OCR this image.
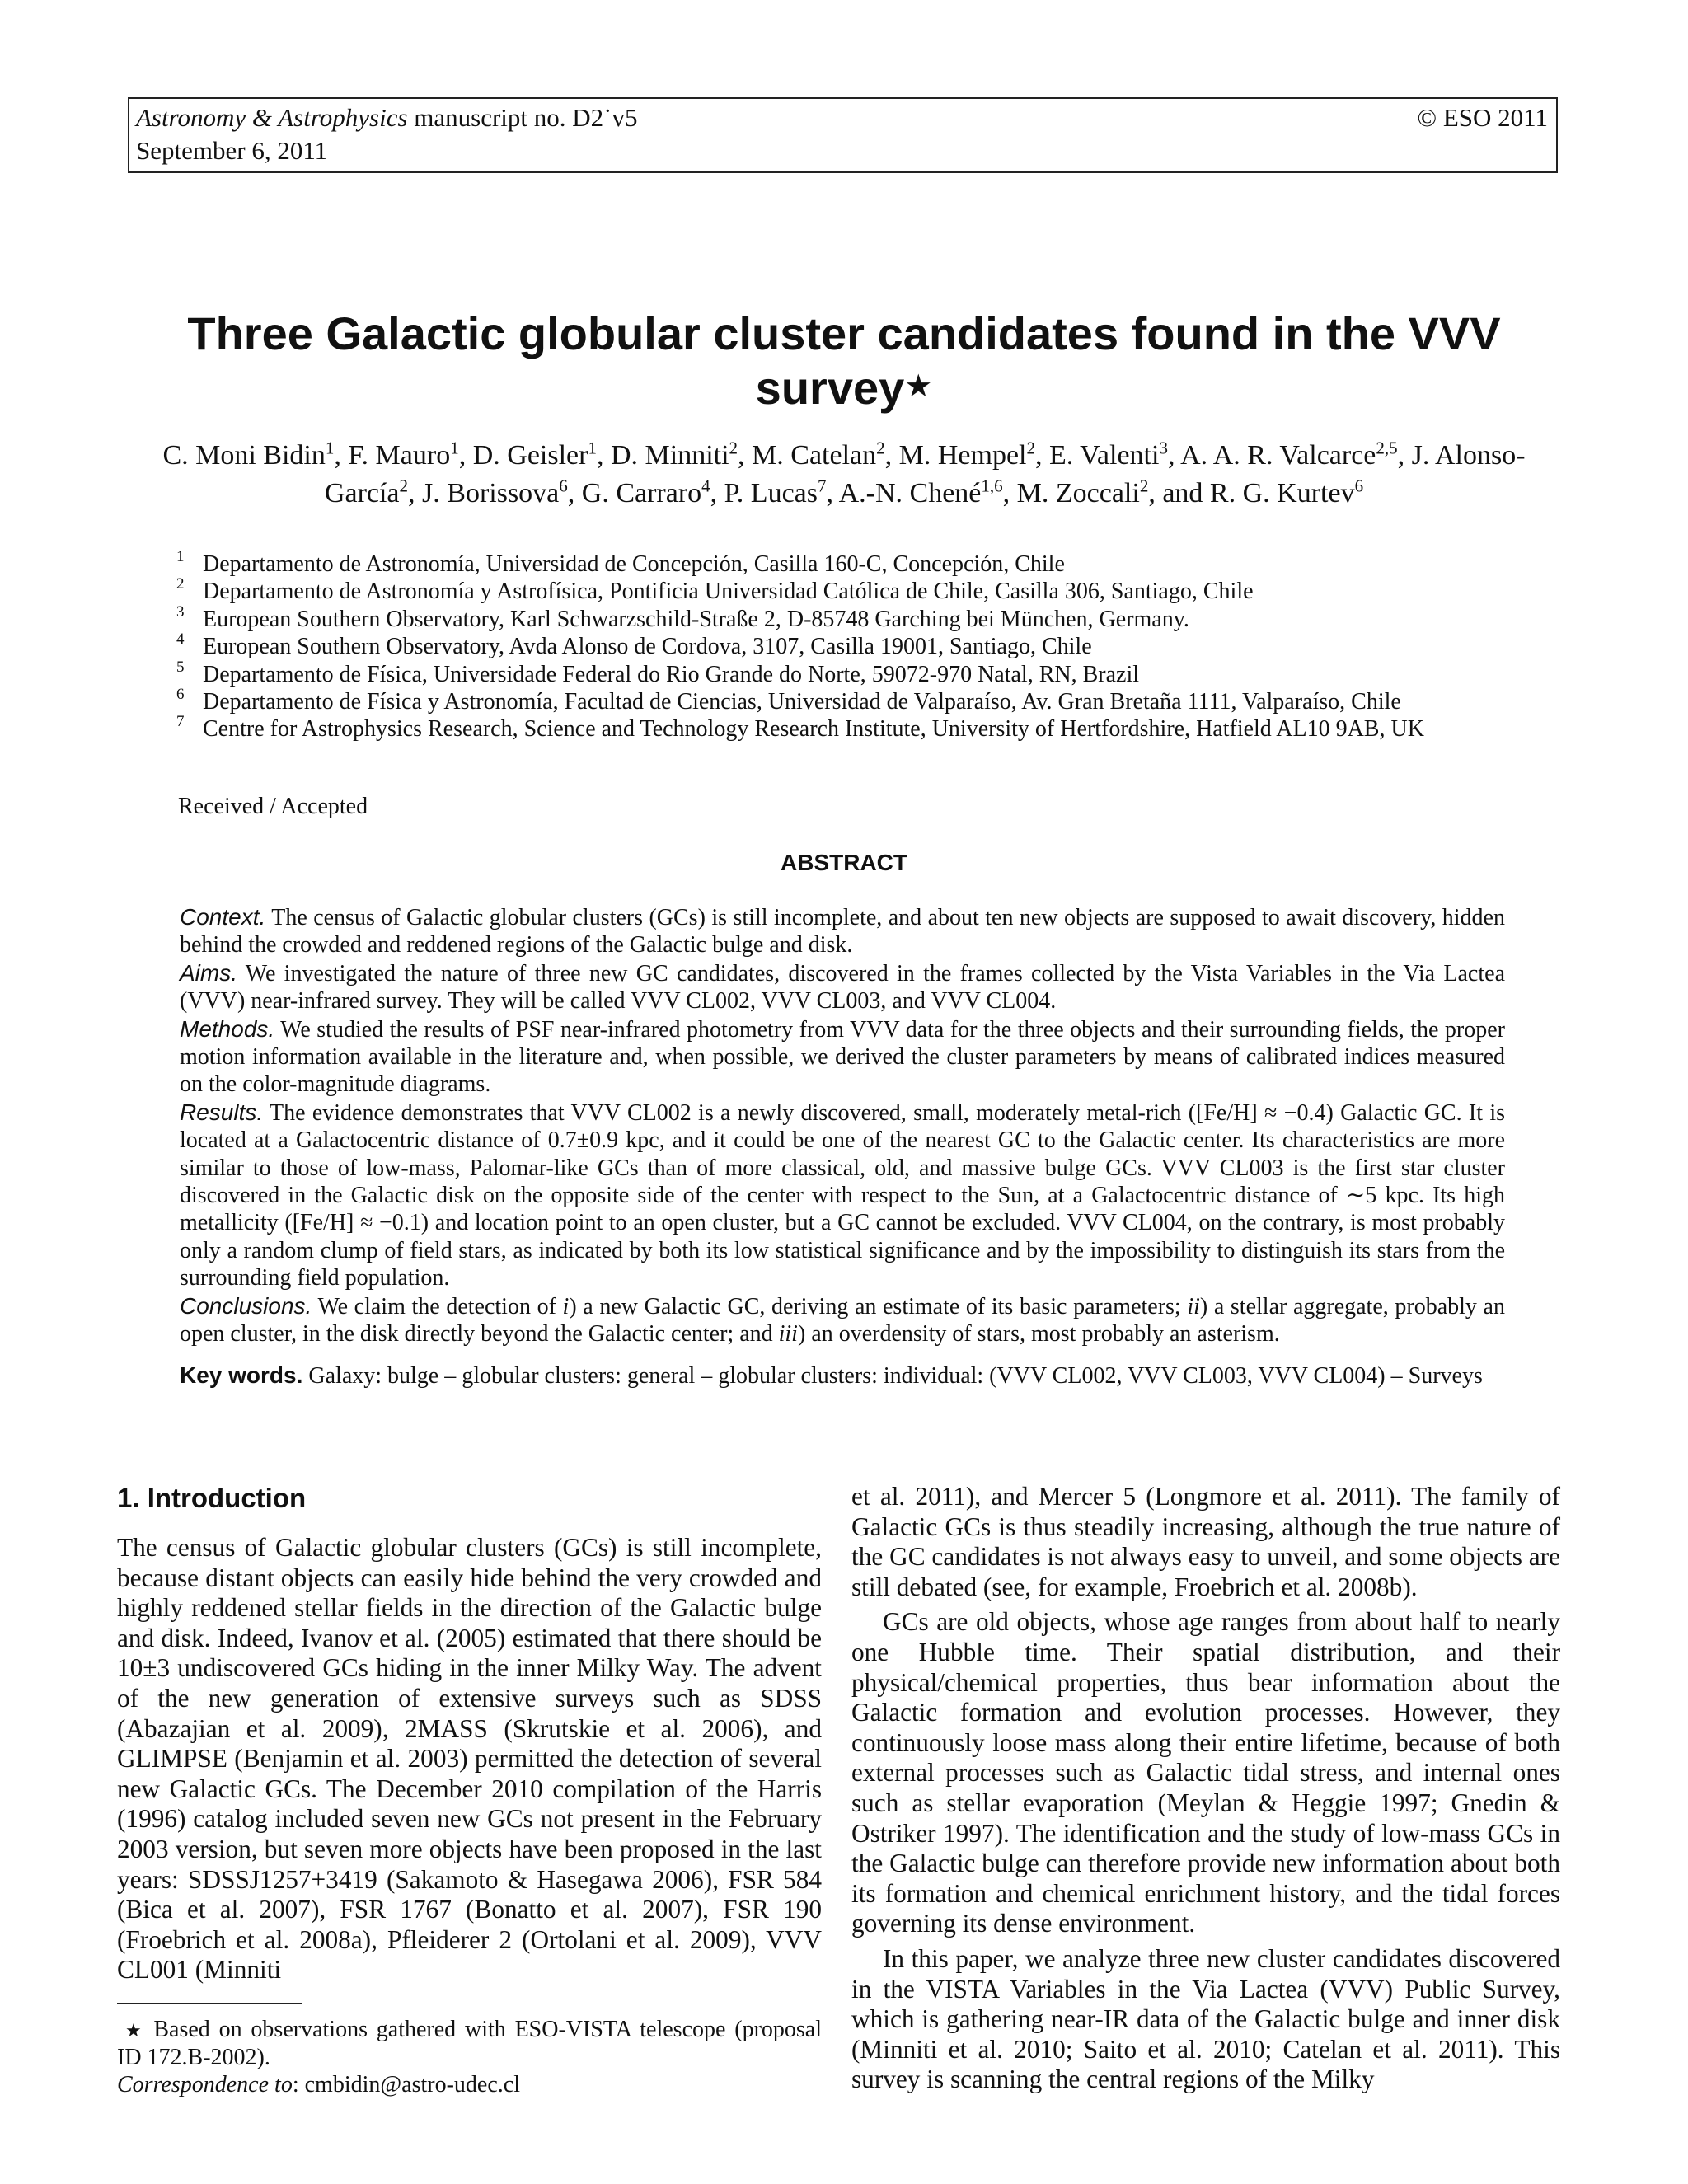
Astronomy & Astrophysics manuscript no. D2˙v5
September 6, 2011
© ESO 2011
Three Galactic globular cluster candidates found in the VVV
survey★
C. Moni Bidin$^1$, F. Mauro$^1$, D. Geisler$^1$, D. Minniti$^2$, M. Catelan$^2$, M. Hempel$^2$, E. Valenti$^3$, A. A. R. Valcarce$^{2,5}$, J. Alonso-García$^2$, J. Borissova$^6$, G. Carraro$^4$, P. Lucas$^7$, A.-N. Chené$^{1,6}$, M. Zoccali$^2$, and R. G. Kurtev$^6$
1 Departamento de Astronomía, Universidad de Concepción, Casilla 160-C, Concepción, Chile
2 Departamento de Astronomía y Astrofísica, Pontificia Universidad Católica de Chile, Casilla 306, Santiago, Chile
3 European Southern Observatory, Karl Schwarzschild-Straße 2, D-85748 Garching bei München, Germany.
4 European Southern Observatory, Avda Alonso de Cordova, 3107, Casilla 19001, Santiago, Chile
5 Departamento de Física, Universidade Federal do Rio Grande do Norte, 59072-970 Natal, RN, Brazil
6 Departamento de Física y Astronomía, Facultad de Ciencias, Universidad de Valparaíso, Av. Gran Bretaña 1111, Valparaíso, Chile
7 Centre for Astrophysics Research, Science and Technology Research Institute, University of Hertfordshire, Hatfield AL10 9AB, UK
Received / Accepted
ABSTRACT

Context. The census of Galactic globular clusters (GCs) is still incomplete, and about ten new objects are supposed to await discovery, hidden behind the crowded and reddened regions of the Galactic bulge and disk.

Aims. We investigated the nature of three new GC candidates, discovered in the frames collected by the Vista Variables in the Via Lactea (VVV) near-infrared survey. They will be called VVV CL002, VVV CL003, and VVV CL004.

Methods. We studied the results of PSF near-infrared photometry from VVV data for the three objects and their surrounding fields, the proper motion information available in the literature and, when possible, we derived the cluster parameters by means of calibrated indices measured on the color-magnitude diagrams.

Results. The evidence demonstrates that VVV CL002 is a newly discovered, small, moderately metal-rich ([Fe/H] ≈ −0.4) Galactic GC. It is located at a Galactocentric distance of 0.7±0.9 kpc, and it could be one of the nearest GC to the Galactic center. Its characteristics are more similar to those of low-mass, Palomar-like GCs than of more classical, old, and massive bulge GCs. VVV CL003 is the first star cluster discovered in the Galactic disk on the opposite side of the center with respect to the Sun, at a Galactocentric distance of ∼5 kpc. Its high metallicity ([Fe/H] ≈ −0.1) and location point to an open cluster, but a GC cannot be excluded. VVV CL004, on the contrary, is most probably only a random clump of field stars, as indicated by both its low statistical significance and by the impossibility to distinguish its stars from the surrounding field population.

Conclusions. We claim the detection of i) a new Galactic GC, deriving an estimate of its basic parameters; ii) a stellar aggregate, probably an open cluster, in the disk directly beyond the Galactic center; and iii) an overdensity of stars, most probably an asterism.

Key words. Galaxy: bulge – globular clusters: general – globular clusters: individual: (VVV CL002, VVV CL003, VVV CL004) – Surveys
1. Introduction

The census of Galactic globular clusters (GCs) is still incomplete, because distant objects can easily hide behind the very crowded and highly reddened stellar fields in the direction of the Galactic bulge and disk. Indeed, Ivanov et al. (2005) estimated that there should be 10±3 undiscovered GCs hiding in the inner Milky Way. The advent of the new generation of extensive surveys such as SDSS (Abazajian et al. 2009), 2MASS (Skrutskie et al. 2006), and GLIMPSE (Benjamin et al. 2003) permitted the detection of several new Galactic GCs. The December 2010 compilation of the Harris (1996) catalog included seven new GCs not present in the February 2003 version, but seven more objects have been proposed in the last years: SDSSJ1257+3419 (Sakamoto & Hasegawa 2006), FSR 584 (Bica et al. 2007), FSR 1767 (Bonatto et al. 2007), FSR 190 (Froebrich et al. 2008a), Pfleiderer 2 (Ortolani et al. 2009), VVV CL001 (Minniti

et al. 2011), and Mercer 5 (Longmore et al. 2011). The family of Galactic GCs is thus steadily increasing, although the true nature of the GC candidates is not always easy to unveil, and some objects are still debated (see, for example, Froebrich et al. 2008b).

GCs are old objects, whose age ranges from about half to nearly one Hubble time. Their spatial distribution, and their physical/chemical properties, thus bear information about the Galactic formation and evolution processes. However, they continuously loose mass along their entire lifetime, because of both external processes such as Galactic tidal stress, and internal ones such as stellar evaporation (Meylan & Heggie 1997; Gnedin & Ostriker 1997). The identification and the study of low-mass GCs in the Galactic bulge can therefore provide new information about both its formation and chemical enrichment history, and the tidal forces governing its dense environment.

In this paper, we analyze three new cluster candidates discovered in the VISTA Variables in the Via Lactea (VVV) Public Survey, which is gathering near-IR data of the Galactic bulge and inner disk (Minniti et al. 2010; Saito et al. 2010; Catelan et al. 2011). This survey is scanning the central regions of the Milky

★ Based on observations gathered with ESO-VISTA telescope (proposal ID 172.B-2002).

Correspondence to: cmbidin@astro-udec.cl
